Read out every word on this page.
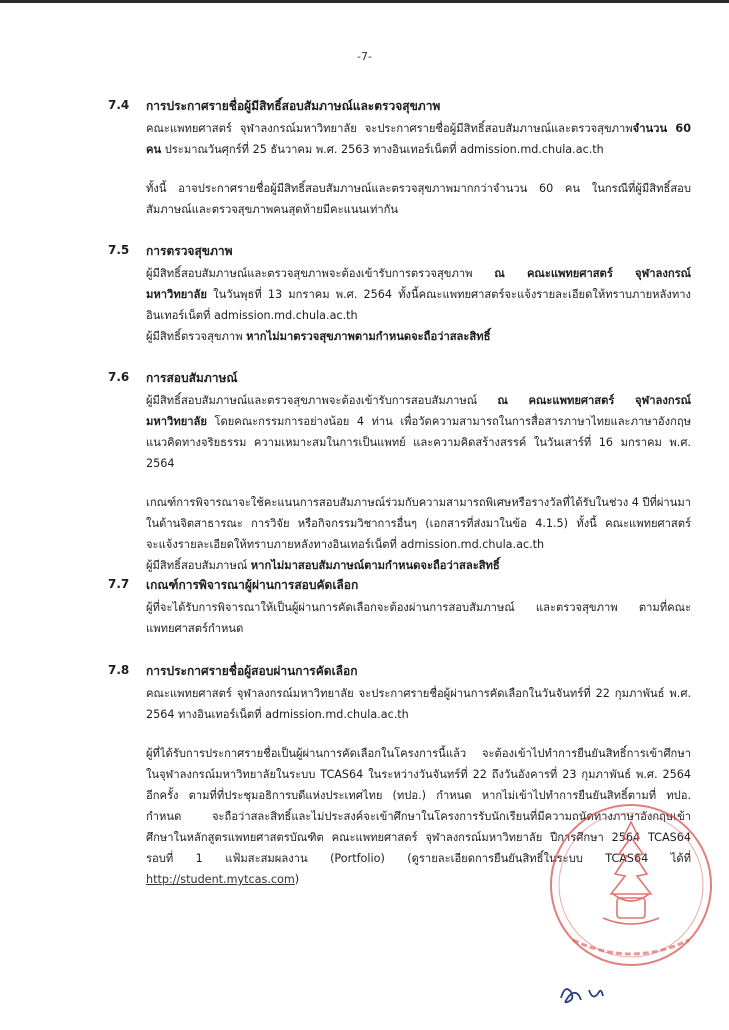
-7-
7.4 การประกาศรายชื่อผู้มีสิทธิ์สอบสัมภาษณ์และตรวจสุขภาพ

คณะแพทยศาสตร์ จุฬาลงกรณ์มหาวิทยาลัย จะประกาศรายชื่อผู้มีสิทธิ์สอบสัมภาษณ์และตรวจสุขภาพจำนวน 60 คน ประมาณวันศุกร์ที่ 25 ธันวาคม พ.ศ. 2563 ทางอินเทอร์เน็ตที่ admission.md.chula.ac.th

ทั้งนี้ อาจประกาศรายชื่อผู้มีสิทธิ์สอบสัมภาษณ์และตรวจสุขภาพมากกว่าจำนวน 60 คน ในกรณีที่ผู้มีสิทธิ์สอบสัมภาษณ์และตรวจสุขภาพคนสุดท้ายมีคะแนนเท่ากัน

7.5 การตรวจสุขภาพ

ผู้มีสิทธิ์สอบสัมภาษณ์และตรวจสุขภาพจะต้องเข้ารับการตรวจสุขภาพ ณ คณะแพทยศาสตร์ จุฬาลงกรณ์มหาวิทยาลัย ในวันพุธที่ 13 มกราคม พ.ศ. 2564 ทั้งนี้คณะแพทยศาสตร์จะแจ้งรายละเอียดให้ทราบภายหลังทางอินเทอร์เน็ตที่ admission.md.chula.ac.th

ผู้มีสิทธิ์ตรวจสุขภาพ หากไม่มาตรวจสุขภาพตามกำหนดจะถือว่าสละสิทธิ์

7.6 การสอบสัมภาษณ์

ผู้มีสิทธิ์สอบสัมภาษณ์และตรวจสุขภาพจะต้องเข้ารับการสอบสัมภาษณ์ ณ คณะแพทยศาสตร์ จุฬาลงกรณ์มหาวิทยาลัย โดยคณะกรรมการอย่างน้อย 4 ท่าน เพื่อวัดความสามารถในการสื่อสารภาษาไทยและภาษาอังกฤษ แนวคิดทางจริยธรรม ความเหมาะสมในการเป็นแพทย์ และความคิดสร้างสรรค์ ในวันเสาร์ที่ 16 มกราคม พ.ศ. 2564

เกณฑ์การพิจารณาจะใช้คะแนนการสอบสัมภาษณ์ร่วมกับความสามารถพิเศษหรือรางวัลที่ได้รับในช่วง 4 ปีที่ผ่านมา ในด้านจิตสาธารณะ การวิจัย หรือกิจกรรมวิชาการอื่นๆ (เอกสารที่ส่งมาในข้อ 4.1.5) ทั้งนี้ คณะแพทยศาสตร์จะแจ้งรายละเอียดให้ทราบภายหลังทางอินเทอร์เน็ตที่ admission.md.chula.ac.th

ผู้มีสิทธิ์สอบสัมภาษณ์ หากไม่มาสอบสัมภาษณ์ตามกำหนดจะถือว่าสละสิทธิ์

7.7 เกณฑ์การพิจารณาผู้ผ่านการสอบคัดเลือก

ผู้ที่จะได้รับการพิจารณาให้เป็นผู้ผ่านการคัดเลือกจะต้องผ่านการสอบสัมภาษณ์ และตรวจสุขภาพ ตามที่คณะแพทยศาสตร์กำหนด

7.8 การประกาศรายชื่อผู้สอบผ่านการคัดเลือก

คณะแพทยศาสตร์ จุฬาลงกรณ์มหาวิทยาลัย จะประกาศรายชื่อผู้ผ่านการคัดเลือกในวันจันทร์ที่ 22 กุมภาพันธ์ พ.ศ. 2564 ทางอินเทอร์เน็ตที่ admission.md.chula.ac.th

ผู้ที่ได้รับการประกาศรายชื่อเป็นผู้ผ่านการคัดเลือกในโครงการนี้แล้ว จะต้องเข้าไปทำการยืนยันสิทธิ์การเข้าศึกษาในจุฬาลงกรณ์มหาวิทยาลัยในระบบ TCAS64 ในระหว่างวันจันทร์ที่ 22 ถึงวันอังคารที่ 23 กุมภาพันธ์ พ.ศ. 2564 อีกครั้ง ตามที่ที่ประชุมอธิการบดีแห่งประเทศไทย (ทปอ.) กำหนด หากไม่เข้าไปทำการยืนยันสิทธิ์ตามที่ ทปอ. กำหนด จะถือว่าสละสิทธิ์และไม่ประสงค์จะเข้าศึกษาในโครงการรับนักเรียนที่มีความถนัดทางภาษาอังกฤษเข้าศึกษาในหลักสูตรแพทยศาสตรบัณฑิต คณะแพทยศาสตร์ จุฬาลงกรณ์มหาวิทยาลัย ปีการศึกษา 2564 TCAS64 รอบที่ 1 แฟ้มสะสมผลงาน (Portfolio) (ดูรายละเอียดการยืนยันสิทธิ์ในระบบ TCAS64 ได้ที่ http://student.mytcas.com)
